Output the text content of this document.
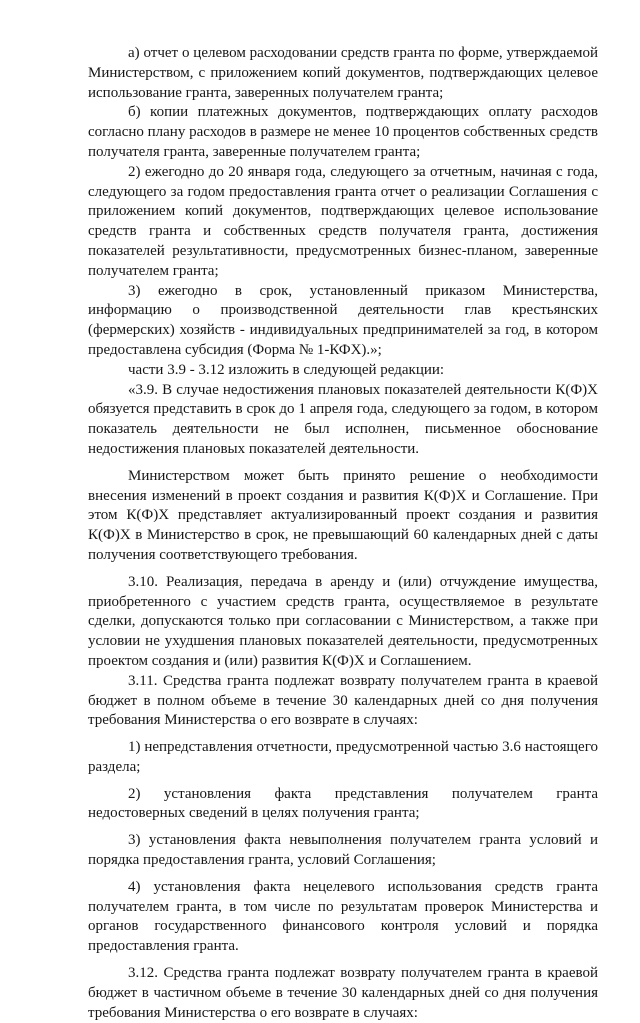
а) отчет о целевом расходовании средств гранта по форме, утверждаемой Министерством, с приложением копий документов, подтверждающих целевое использование гранта, заверенных получателем гранта;

б) копии платежных документов, подтверждающих оплату расходов согласно плану расходов в размере не менее 10 процентов собственных средств получателя гранта, заверенные получателем гранта;

2) ежегодно до 20 января года, следующего за отчетным, начиная с года, следующего за годом предоставления гранта отчет о реализации Соглашения с приложением копий документов, подтверждающих целевое использование средств гранта и собственных средств получателя гранта, достижения показателей результативности, предусмотренных бизнес-планом, заверенные получателем гранта;

3) ежегодно в срок, установленный приказом Министерства, информацию о производственной деятельности глав крестьянских (фермерских) хозяйств - индивидуальных предпринимателей за год, в котором предоставлена субсидия (Форма № 1-КФХ).»;

части 3.9 - 3.12 изложить в следующей редакции:

«3.9. В случае недостижения плановых показателей деятельности К(Ф)Х обязуется представить в срок до 1 апреля года, следующего за годом, в котором показатель деятельности не был исполнен, письменное обоснование недостижения плановых показателей деятельности.

Министерством может быть принято решение о необходимости внесения изменений в проект создания и развития К(Ф)Х и Соглашение. При этом К(Ф)Х представляет актуализированный проект создания и развития К(Ф)Х в Министерство в срок, не превышающий 60 календарных дней с даты получения соответствующего требования.

3.10. Реализация, передача в аренду и (или) отчуждение имущества, приобретенного с участием средств гранта, осуществляемое в результате сделки, допускаются только при согласовании с Министерством, а также при условии не ухудшения плановых показателей деятельности, предусмотренных проектом создания и (или) развития К(Ф)Х и Соглашением.

3.11. Средства гранта подлежат возврату получателем гранта в краевой бюджет в полном объеме в течение 30 календарных дней со дня получения требования Министерства о его возврате в случаях:

1) непредставления отчетности, предусмотренной частью 3.6 настоящего раздела;

2) установления факта представления получателем гранта недостоверных сведений в целях получения гранта;

3) установления факта невыполнения получателем гранта условий и порядка предоставления гранта, условий Соглашения;

4) установления факта нецелевого использования средств гранта получателем гранта, в том числе по результатам проверок Министерства и органов государственного финансового контроля условий и порядка предоставления гранта.

3.12. Средства гранта подлежат возврату получателем гранта в краевой бюджет в частичном объеме в течение 30 календарных дней со дня получения требования Министерства о его возврате в случаях:
